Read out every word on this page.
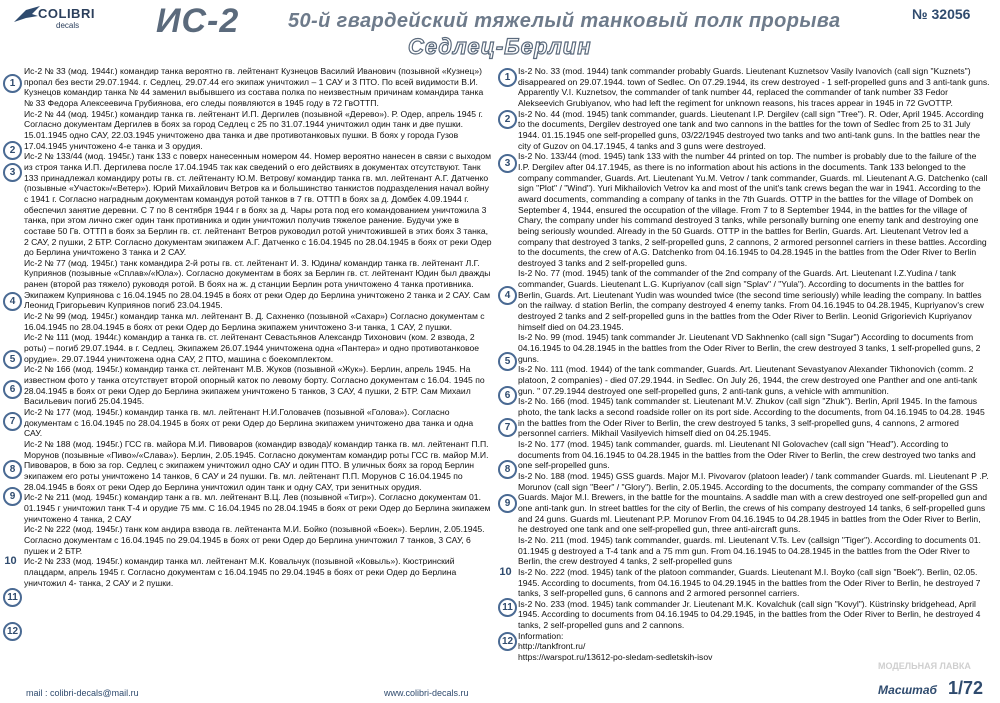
COLIBRI
decals ИС-2 50-й гвардейский тяжелый танковый полк прорыва
Седлец-Берлин
№ 32056
1
2
3
4
5
6
7
8
9
10
11
12
1
2
3
4
5
6
7
8
9
10
11
12

Ис-2 № 33 (мод. 1944г.) командир танка вероятно гв. лейтенант Кузнецов Василий Иванович (позывной «Кузнец») пропал без вести 29.07.1944. г. Седлец. 29.07.44 его экипаж уничтожил – 1 САУ и 3 ПТО. По всей видимости В.И. Кузнецов командир танка № 44 заменил выбывшего из состава полка по неизвестным причинам командира танка № 33 Федора Алексеевича Грубиянова, его следы появляются в 1945 году в 72 ГвОТТП.

Ис-2 № 44 (мод. 1945г.) командир танка гв. лейтенант И.П. Дергилев (позывной «Дерево»). Р. Одер, апрель 1945 г. Согласно документам Дергилев в боях за город Седлец с 25 по 31.07.1944 уничтожил один танк и две пушки. 15.01.1945 одно САУ, 22.03.1945 уничтожено два танка и две противотанковых пушки. В боях у города Гузов 17.04.1945 уничтожено 4-е танка и 3 орудия.

Ис-2 № 133/44 (мод. 1945г.) танк 133 с поверх нанесенным номером 44. Номер вероятно нанесен в связи с выходом из строя танка И.П. Дергилева после 17.04.1945 так как сведений о его действиях в документах отсутствуют. Танк 133 принадлежал командиру роты гв. ст. лейтенанту Ю.М. Ветрову/ командир танка гв. мл. лейтенант А.Г. Датченко (позывные «Участок»/«Ветер»). Юрий Михайлович Ветров ка и большинство танкистов подразделения начал войну с 1941 г. Согласно наградным документам командуя ротой танков в 7 гв. ОТТП в боях за д. Домбек 4.09.1944 г. обеспечил занятие деревни. С 7 по 8 сентября 1944 г в боях за д. Чары рота под его командованием уничтожила 3 танка, при этом лично сжег один танк противника и один уничтожил получив тяжелое ранение. Будучи уже в составе 50 Гв. ОТТП в боях за Берлин гв. ст. лейтенант Ветров руководил ротой уничтожившей в этих боях 3 танка, 2 САУ, 2 пушки, 2 БТР. Согласно документам экипажем А.Г. Датченко с 16.04.1945 по 28.04.1945 в боях от реки Одер до Берлина уничтожено 3 танка и 2 САУ.

Ис-2 № 77 (мод. 1945г.) танк командира 2-й роты гв. ст. лейтенант И. З. Юдина/ командир танка гв. лейтенант Л.Г. Куприянов (позывные «Сплав»/«Юла»). Согласно документам в боях за Берлин гв. ст. лейтенант Юдин был дважды ранен (второй раз тяжело) руководя ротой. В боях на ж. д станции Берлин рота уничтожено 4 танка противника. Экипажем Куприянова с 16.04.1945 по 28.04.1945 в боях от реки Одер до Берлина уничтожено 2 танка и 2 САУ. Сам Леонид Григорьевич Куприянов погиб 23.04.1945.

Ис-2 № 99 (мод. 1945г.) командир танка мл. лейтенант В. Д. Сахненко (позывной «Сахар») Согласно документам с 16.04.1945 по 28.04.1945 в боях от реки Одер до Берлина экипажем уничтожено 3-и танка, 1 САУ, 2 пушки.

Ис-2 № 111 (мод. 1944г.) командир а танка гв. ст. лейтенант Севастьянов Александр Тихонович (ком. 2 взвода, 2 роты) – погиб 29.07.1944. в г. Седлец. Экипажем 26.07.1944 уничтожена одна «Пантера» и одно противотанковое орудие». 29.07.1944 уничтожена одна САУ, 2 ПТО, машина с боекомплектом.

Ис-2 № 166 (мод. 1945г.) командир танка ст. лейтенант М.В. Жуков (позывной «Жук»). Берлин, апрель 1945. На известном фото у танка отсутствует второй опорный каток по левому борту. Согласно документам с 16.04. 1945 по 28.04.1945 в боях от реки Одер до Берлина экипажем уничтожено 5 танков, 3 САУ, 4 пушки, 2 БТР. Сам Михаил Васильевич погиб 25.04.1945.

Ис-2 № 177 (мод. 1945г.) командир танка гв. мл. лейтенант Н.И.Головачев (позывной «Голова»). Согласно документам с 16.04.1945 по 28.04.1945 в боях от реки Одер до Берлина экипажем уничтожено два танка и одна САУ.

Ис-2 № 188 (мод. 1945г.) ГСС гв. майора М.И. Пивоваров (командир взвода)/ командир танка гв. мл. лейтенант П.П. Морунов (позывные «Пиво»/«Слава»). Берлин, 2.05.1945. Согласно документам командир роты ГСС гв. майор М.И. Пивоваров, в бою за гор. Седлец с экипажем уничтожил одно САУ и один ПТО. В уличных боях за город Берлин экипажем его роты уничтожено 14 танков, 6 САУ и 24 пушки. Гв. мл. лейтенант П.П. Морунов С 16.04.1945 по 28.04.1945 в боях от реки Одер до Берлина уничтожил один танк и одну САУ, три зенитных орудия.

Ис-2 № 211 (мод. 1945г.) командир танк а гв. мл. лейтенант В.Ц. Лев (позывной «Тигр»). Согласно документам 01. 01.1945 г уничтожил танк Т-4 и орудие 75 мм. С 16.04.1945 по 28.04.1945 в боях от реки Одер до Берлина экипажем уничтожено 4 танка, 2 САУ

Ис-2 № 222 (мод. 1945г.) танк ком андира взвода гв. лейтенанта М.И. Бойко (позывной «Боек»). Берлин, 2.05.1945. Согласно документам с 16.04.1945 по 29.04.1945 в боях от реки Одер до Берлина уничтожил 7 танков, 3 САУ, 6 пушек и 2 БТР.

Ис-2 № 233 (мод. 1945г.) командир танка мл. лейтенант М.К. Ковальчук (позывной «Ковыль»). Кюстринский плацдарм, апрель 1945 г. Согласно документам с 16.04.1945 по 29.04.1945 в боях от реки Одер до Берлина уничтожил 4- танка, 2 САУ и 2 пушки.

Is-2 No. 33 (mod. 1944) tank commander probably Guards. Lieutenant Kuznetsov Vasily Ivanovich (call sign "Kuznets") disappeared on 29.07.1944. town of Sedlec. On 07.29.1944, its crew destroyed - 1 self-propelled guns and 3 anti-tank guns. Apparently V.I. Kuznetsov, the commander of tank number 44, replaced the commander of tank number 33 Fedor Alekseevich Grubiyanov, who had left the regiment for unknown reasons, his traces appear in 1945 in 72 GvOTTP.

Is-2 No. 44 (mod. 1945) tank commander, guards. Lieutenant I.P. Dergilev (call sign "Tree"). R. Oder, April 1945. According to the documents, Dergilev destroyed one tank and two cannons in the battles for the town of Sedlec from 25 to 31 July 1944. 01.15.1945 one self-propelled guns, 03/22/1945 destroyed two tanks and two anti-tank guns. In the battles near the city of Guzov on 04.17.1945, 4 tanks and 3 guns were destroyed.

Is-2 No. 133/44 (mod. 1945) tank 133 with the number 44 printed on top. The number is probably due to the failure of the I.P. Dergilev after 04.17.1945, as there is no information about his actions in the documents. Tank 133 belonged to the company commander, Guards. Art. Lieutenant Yu.M. Vetrov / tank commander, Guards. ml. Lieutenant A.G. Datchenko (call sign "Plot" / "Wind"). Yuri Mikhailovich Vetrov ka and most of the unit's tank crews began the war in 1941. According to the award documents, commanding a company of tanks in the 7th Guards. OTTP in the battles for the village of Dombek on September 4, 1944, ensured the occupation of the village. From 7 to 8 September 1944, in the battles for the village of Chary, the company under his command destroyed 3 tanks, while personally burning one enemy tank and destroying one being seriously wounded. Already in the 50 Guards. OTTP in the battles for Berlin, Guards. Art. Lieutenant Vetrov led a company that destroyed 3 tanks, 2 self-propelled guns, 2 cannons, 2 armored personnel carriers in these battles. According to the documents, the crew of A.G. Datchenko from 04.16.1945 to 04.28.1945 in the battles from the Oder River to Berlin destroyed 3 tanks and 2 self-propelled guns.

Is-2 No. 77 (mod. 1945) tank of the commander of the 2nd company of the Guards. Art. Lieutenant I.Z.Yudina / tank commander, Guards. Lieutenant L.G. Kupriyanov (call sign "Splav" / "Yula"). According to documents in the battles for Berlin, Guards. Art. Lieutenant Yudin was wounded twice (the second time seriously) while leading the company. In battles on the railway. d station Berlin, the company destroyed 4 enemy tanks. From 04.16.1945 to 04.28.1945, Kupriyanov's crew destroyed 2 tanks and 2 self-propelled guns in the battles from the Oder River to Berlin. Leonid Grigorievich Kupriyanov himself died on 04.23.1945.

Is-2 No. 99 (mod. 1945) tank commander Jr. Lieutenant VD Sakhnenko (call sign "Sugar") According to documents from 04.16.1945 to 04.28.1945 in the battles from the Oder River to Berlin, the crew destroyed 3 tanks, 1 self-propelled guns, 2 guns.

Is-2 No. 111 (mod. 1944) of the tank commander, Guards. Art. Lieutenant Sevastyanov Alexander Tikhonovich (comm. 2 platoon, 2 companies) - died 07.29.1944. in Sedlec. On July 26, 1944, the crew destroyed one Panther and one anti-tank gun. " 07.29.1944 destroyed one self-propelled guns, 2 anti-tank guns, a vehicle with ammunition.

Is-2 No. 166 (mod. 1945) tank commander st. Lieutenant M.V. Zhukov (call sign "Zhuk"). Berlin, April 1945. In the famous photo, the tank lacks a second roadside roller on its port side. According to the documents, from 04.16.1945 to 04.28. 1945 in the battles from the Oder River to Berlin, the crew destroyed 5 tanks, 3 self-propelled guns, 4 cannons, 2 armored personnel carriers. Mikhail Vasilyevich himself died on 04.25.1945.

Is-2 No. 177 (mod. 1945) tank commander, guards. ml. Lieutenant NI Golovachev (call sign "Head"). According to documents from 04.16.1945 to 04.28.1945 in the battles from the Oder River to Berlin, the crew destroyed two tanks and one self-propelled guns.

Is-2 No. 188 (mod. 1945) GSS guards. Major M.I. Pivovarov (platoon leader) / tank commander Guards. ml. Lieutenant P .P. Morunov (call sign "Beer" / "Glory"). Berlin, 2.05.1945. According to the documents, the company commander of the GSS Guards. Major M.I. Brewers, in the battle for the mountains. A saddle man with a crew destroyed one self-propelled gun and one anti-tank gun. In street battles for the city of Berlin, the crews of his company destroyed 14 tanks, 6 self-propelled guns and 24 guns. Guards ml. Lieutenant P.P. Morunov From 04.16.1945 to 04.28.1945 in battles from the Oder River to Berlin, he destroyed one tank and one self-propelled gun, three anti-aircraft guns.

Is-2 No. 211 (mod. 1945) tank commander, guards. ml. Lieutenant V.Ts. Lev (callsign "Tiger"). According to documents 01. 01.1945 g destroyed a T-4 tank and a 75 mm gun. From 04.16.1945 to 04.28.1945 in the battles from the Oder River to Berlin, the crew destroyed 4 tanks, 2 self-propelled guns

Is-2 No. 222 (mod. 1945) tank of the platoon commander, Guards. Lieutenant M.I. Boyko (call sign "Boek"). Berlin, 02.05. 1945. According to documents, from 04.16.1945 to 04.29.1945 in the battles from the Oder River to Berlin, he destroyed 7 tanks, 3 self-propelled guns, 6 cannons and 2 armored personnel carriers.

Is-2 No. 233 (mod. 1945) tank commander Jr. Lieutenant M.K. Kovalchuk (call sign "Kovyl"). Küstrinsky bridgehead, April 1945. According to documents from 04.16.1945 to 04.29.1945, in the battles from the Oder River to Berlin, he destroyed 4 tanks, 2 self-propelled guns and 2 cannons.

Information:

http://tankfront.ru/

https://warspot.ru/13612-po-sledam-sedletskih-isov

МОДЕЛЬНАЯ ЛАВКА
mail : colibri-decals@mail.ru	www.colibri-decals.ru	Масштаб 1/72
